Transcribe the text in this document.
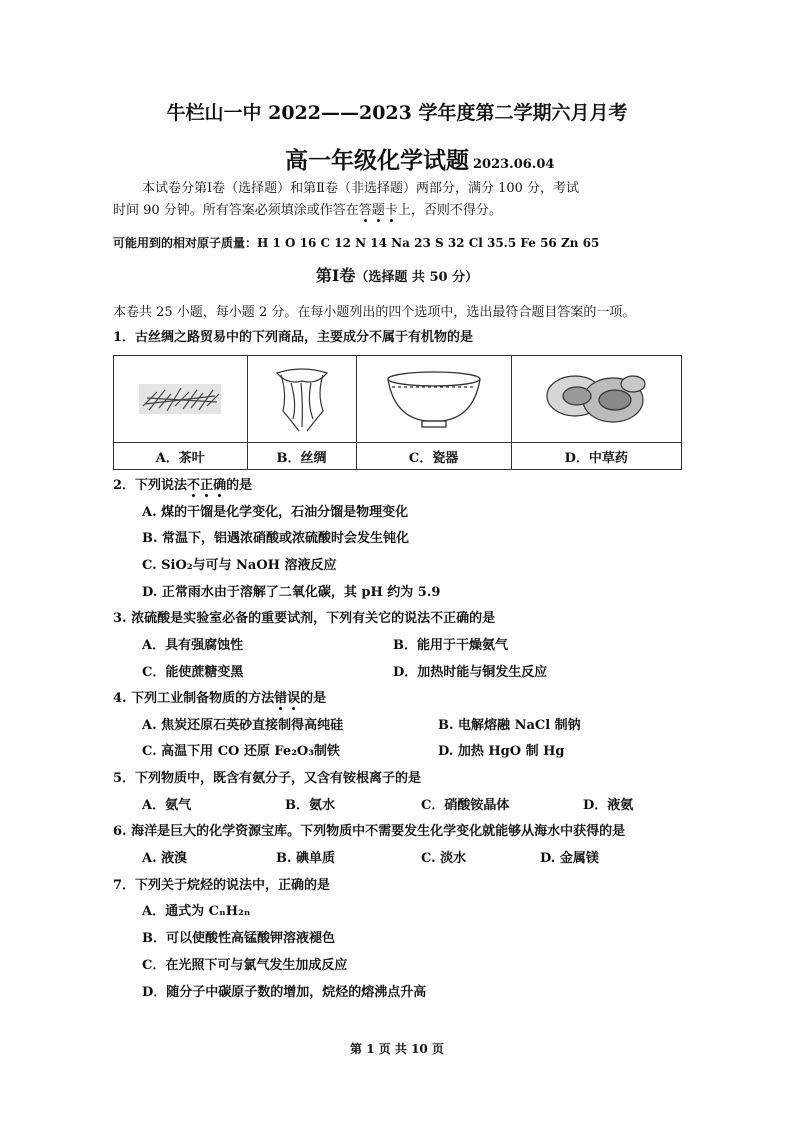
牛栏山一中 2022——2023 学年度第二学期六月月考
高一年级化学试题 2023.06.04
本试卷分第Ⅰ卷（选择题）和第Ⅱ卷（非选择题）两部分，满分 100 分，考试
时间 90 分钟。所有答案必须填涂或作答在答题卡上，否则不得分。
可能用到的相对原子质量：H 1 O 16 C 12 N 14 Na 23 S 32 Cl 35.5 Fe 56 Zn 65
第Ⅰ卷（选择题 共 50 分）
本卷共 25 小题，每小题 2 分。在每小题列出的四个选项中，选出最符合题目答案的一项。
1．古丝绸之路贸易中的下列商品，主要成分不属于有机物的是

A．茶叶	B．丝绸	C．瓷器	D．中草药
2．下列说法不正确的是
A. 煤的干馏是化学变化，石油分馏是物理变化
B. 常温下，铝遇浓硝酸或浓硫酸时会发生钝化
C. SiO₂与可与 NaOH 溶液反应
D. 正常雨水由于溶解了二氧化碳，其 pH 约为 5.9
3. 浓硫酸是实验室必备的重要试剂，下列有关它的说法不正确的是
A．具有强腐蚀性	B．能用于干燥氨气
C．能使蔗糖变黑	D．加热时能与铜发生反应
4. 下列工业制备物质的方法错误的是
A. 焦炭还原石英砂直接制得高纯硅	B. 电解熔融 NaCl 制钠
C. 高温下用 CO 还原 Fe₂O₃制铁	D. 加热 HgO 制 Hg
5．下列物质中，既含有氨分子，又含有铵根离子的是
A．氨气	B．氨水	C．硝酸铵晶体	D．液氨
6. 海洋是巨大的化学资源宝库。下列物质中不需要发生化学变化就能够从海水中获得的是
A. 液溴	B. 碘单质	C. 淡水	D. 金属镁
7．下列关于烷烃的说法中，正确的是
A．通式为 CₙH₂ₙ
B．可以使酸性高锰酸钾溶液褪色
C．在光照下可与氯气发生加成反应
D．随分子中碳原子数的增加，烷烃的熔沸点升高
第 1 页 共 10 页
